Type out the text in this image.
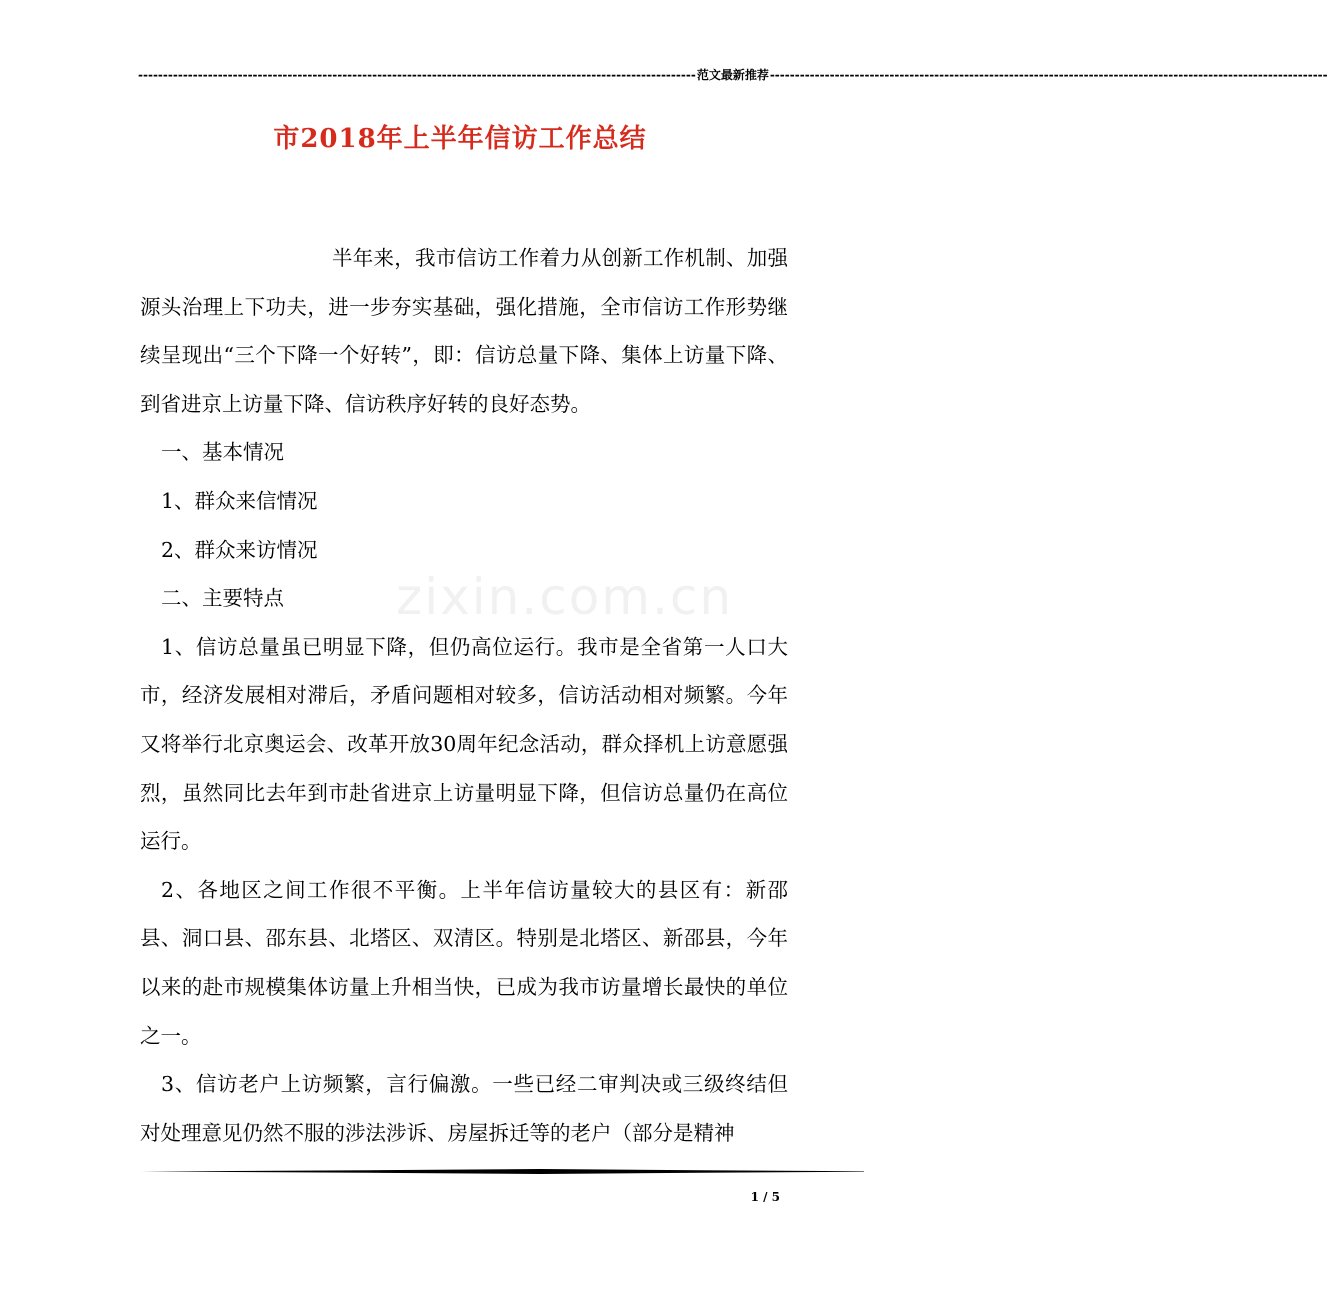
---------------------------------------------------------------------------------------------------------------- 范文最新推荐 ----------------------------------------------------------------------------------------------------------------
市2018年上半年信访工作总结
zixin.com.cn

半年来，我市信访工作着力从创新工作机制、加强源头治理上下功夫，进一步夯实基础，强化措施，全市信访工作形势继续呈现出“三个下降一个好转”，即：信访总量下降、集体上访量下降、到省进京上访量下降、信访秩序好转的良好态势。

一、基本情况

1、群众来信情况

2、群众来访情况

二、主要特点

1、信访总量虽已明显下降，但仍高位运行。我市是全省第一人口大市，经济发展相对滞后，矛盾问题相对较多，信访活动相对频繁。今年又将举行北京奥运会、改革开放30周年纪念活动，群众择机上访意愿强烈，虽然同比去年到市赴省进京上访量明显下降，但信访总量仍在高位运行。

2、各地区之间工作很不平衡。上半年信访量较大的县区有：新邵县、洞口县、邵东县、北塔区、双清区。特别是北塔区、新邵县，今年以来的赴市规模集体访量上升相当快，已成为我市访量增长最快的单位之一。

3、信访老户上访频繁，言行偏激。一些已经二审判决或三级终结但对处理意见仍然不服的涉法涉诉、房屋拆迁等的老户（部分是精神

1 / 5
